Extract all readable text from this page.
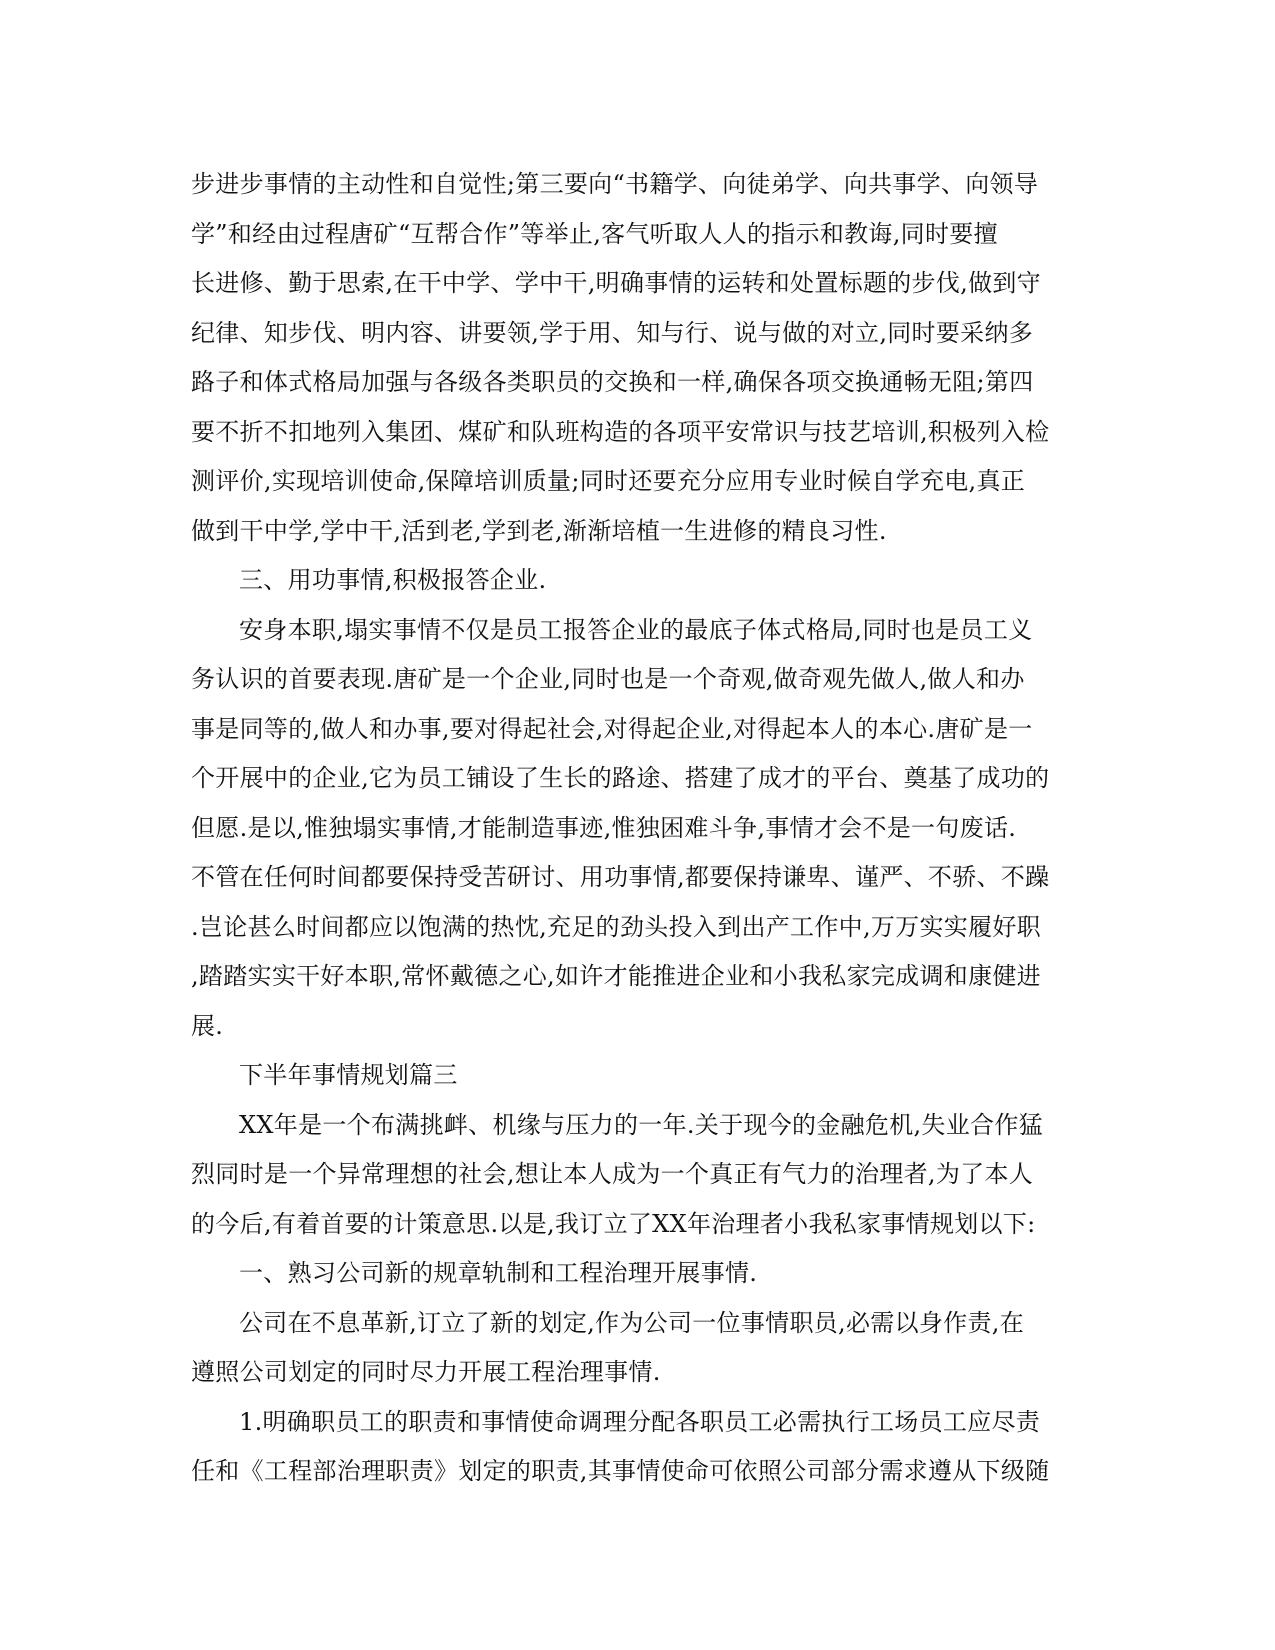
步进步事情的主动性和自觉性;第三要向“书籍学、向徒弟学、向共事学、向领导
学”和经由过程唐矿“互帮合作”等举止,客气听取人人的指示和教诲,同时要擅
长进修、勤于思索,在干中学、学中干,明确事情的运转和处置标题的步伐,做到守
纪律、知步伐、明内容、讲要领,学于用、知与行、说与做的对立,同时要采纳多
路子和体式格局加强与各级各类职员的交换和一样,确保各项交换通畅无阻;第四
要不折不扣地列入集团、煤矿和队班构造的各项平安常识与技艺培训,积极列入检
测评价,实现培训使命,保障培训质量;同时还要充分应用专业时候自学充电,真正
做到干中学,学中干,活到老,学到老,渐渐培植一生进修的精良习性.
三、用功事情,积极报答企业.
安身本职,塌实事情不仅是员工报答企业的最底子体式格局,同时也是员工义
务认识的首要表现.唐矿是一个企业,同时也是一个奇观,做奇观先做人,做人和办
事是同等的,做人和办事,要对得起社会,对得起企业,对得起本人的本心.唐矿是一
个开展中的企业,它为员工铺设了生长的路途、搭建了成才的平台、奠基了成功的
但愿.是以,惟独塌实事情,才能制造事迹,惟独困难斗争,事情才会不是一句废话.
不管在任何时间都要保持受苦研讨、用功事情,都要保持谦卑、谨严、不骄、不躁
.岂论甚么时间都应以饱满的热忱,充足的劲头投入到出产工作中,万万实实履好职
,踏踏实实干好本职,常怀戴德之心,如许才能推进企业和小我私家完成调和康健进
展.
下半年事情规划篇三
XX年是一个布满挑衅、机缘与压力的一年.关于现今的金融危机,失业合作猛
烈同时是一个异常理想的社会,想让本人成为一个真正有气力的治理者,为了本人
的今后,有着首要的计策意思.以是,我订立了XX年治理者小我私家事情规划以下:
一、熟习公司新的规章轨制和工程治理开展事情.
公司在不息革新,订立了新的划定,作为公司一位事情职员,必需以身作责,在
遵照公司划定的同时尽力开展工程治理事情.
1.明确职员工的职责和事情使命调理分配各职员工必需执行工场员工应尽责
任和《工程部治理职责》划定的职责,其事情使命可依照公司部分需求遵从下级随
